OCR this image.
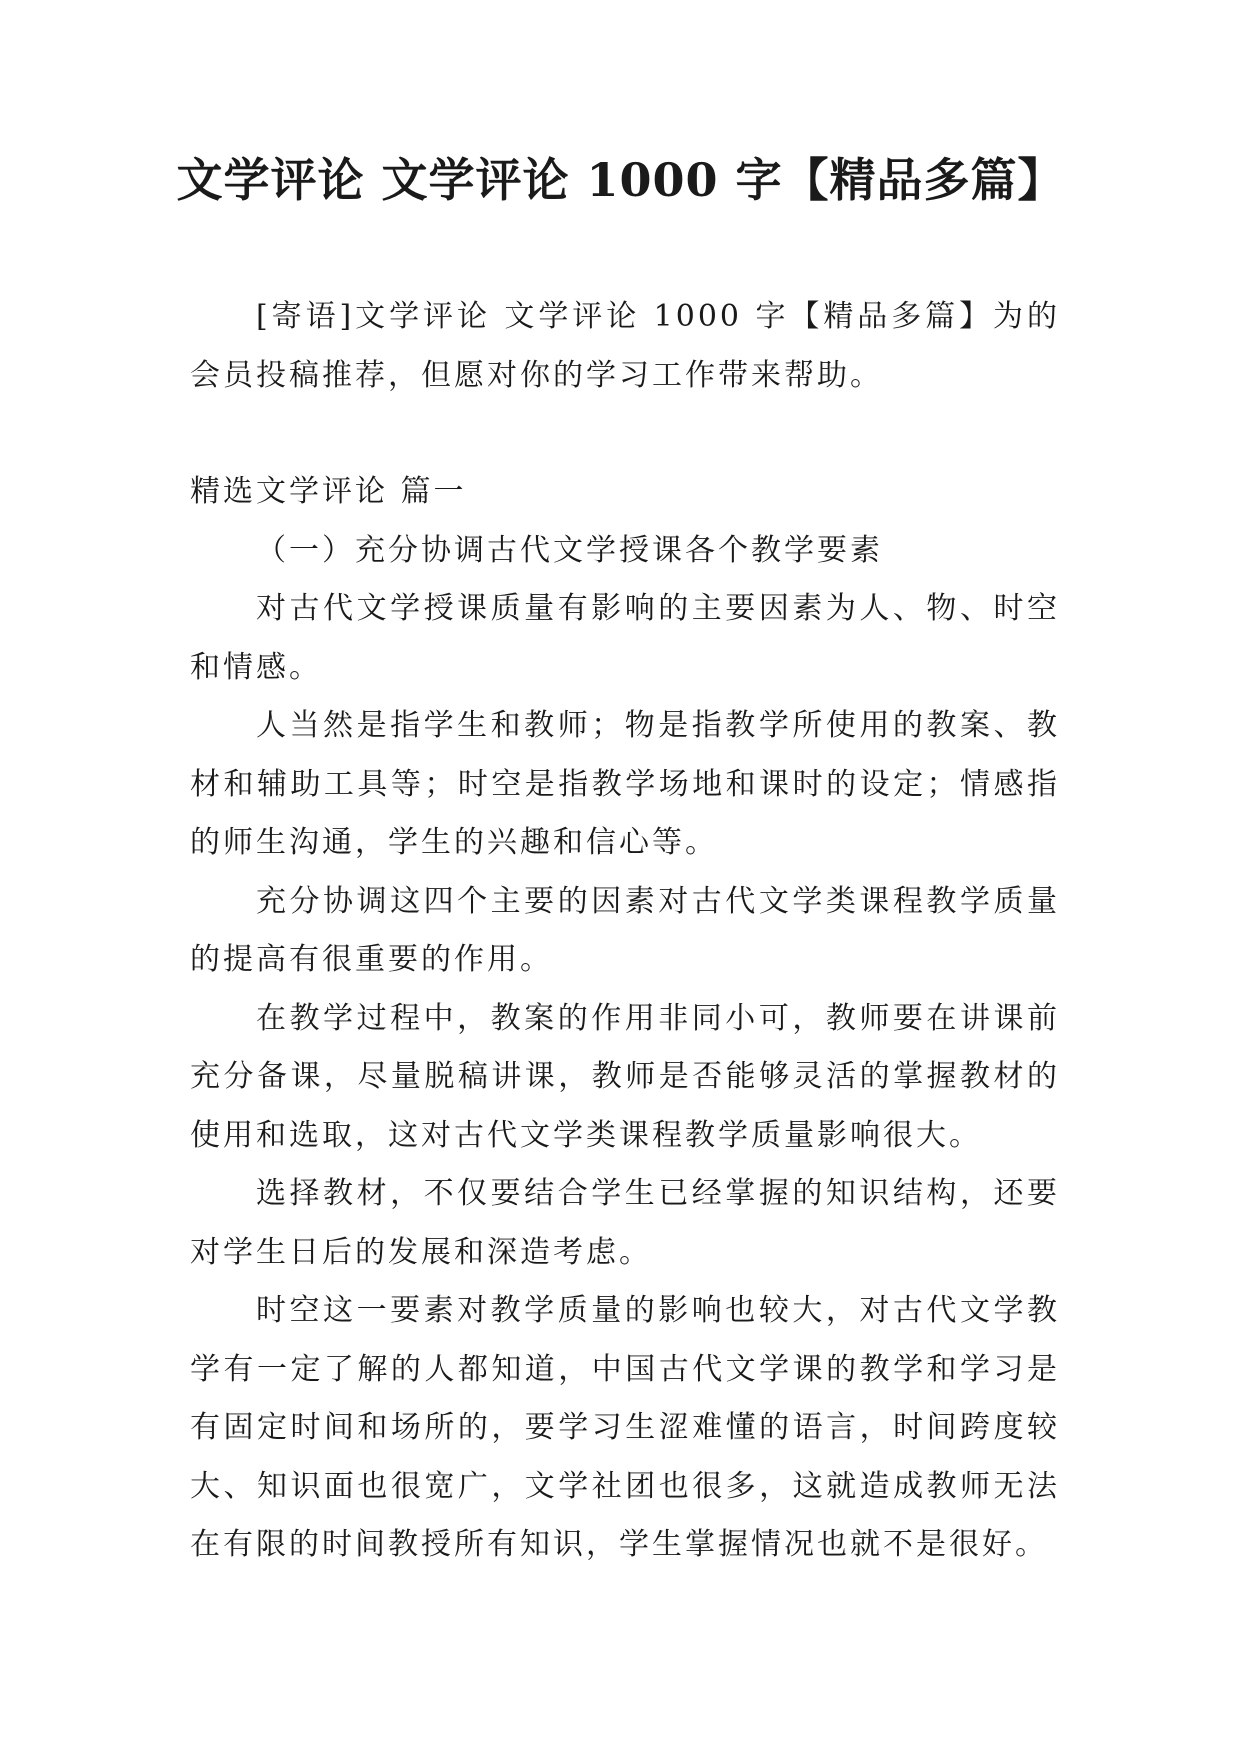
文学评论 文学评论 1000 字【精品多篇】

[寄语]文学评论 文学评论 1000 字【精品多篇】为的会员投稿推荐，但愿对你的学习工作带来帮助。

精选文学评论 篇一

（一）充分协调古代文学授课各个教学要素

对古代文学授课质量有影响的主要因素为人、物、时空和情感。

人当然是指学生和教师；物是指教学所使用的教案、教材和辅助工具等；时空是指教学场地和课时的设定；情感指的师生沟通，学生的兴趣和信心等。

充分协调这四个主要的因素对古代文学类课程教学质量的提高有很重要的作用。

在教学过程中，教案的作用非同小可，教师要在讲课前充分备课，尽量脱稿讲课，教师是否能够灵活的掌握教材的使用和选取，这对古代文学类课程教学质量影响很大。

选择教材，不仅要结合学生已经掌握的知识结构，还要对学生日后的发展和深造考虑。

时空这一要素对教学质量的影响也较大，对古代文学教学有一定了解的人都知道，中国古代文学课的教学和学习是有固定时间和场所的，要学习生涩难懂的语言，时间跨度较大、知识面也很宽广，文学社团也很多，这就造成教师无法在有限的时间教授所有知识，学生掌握情况也就不是很好。
